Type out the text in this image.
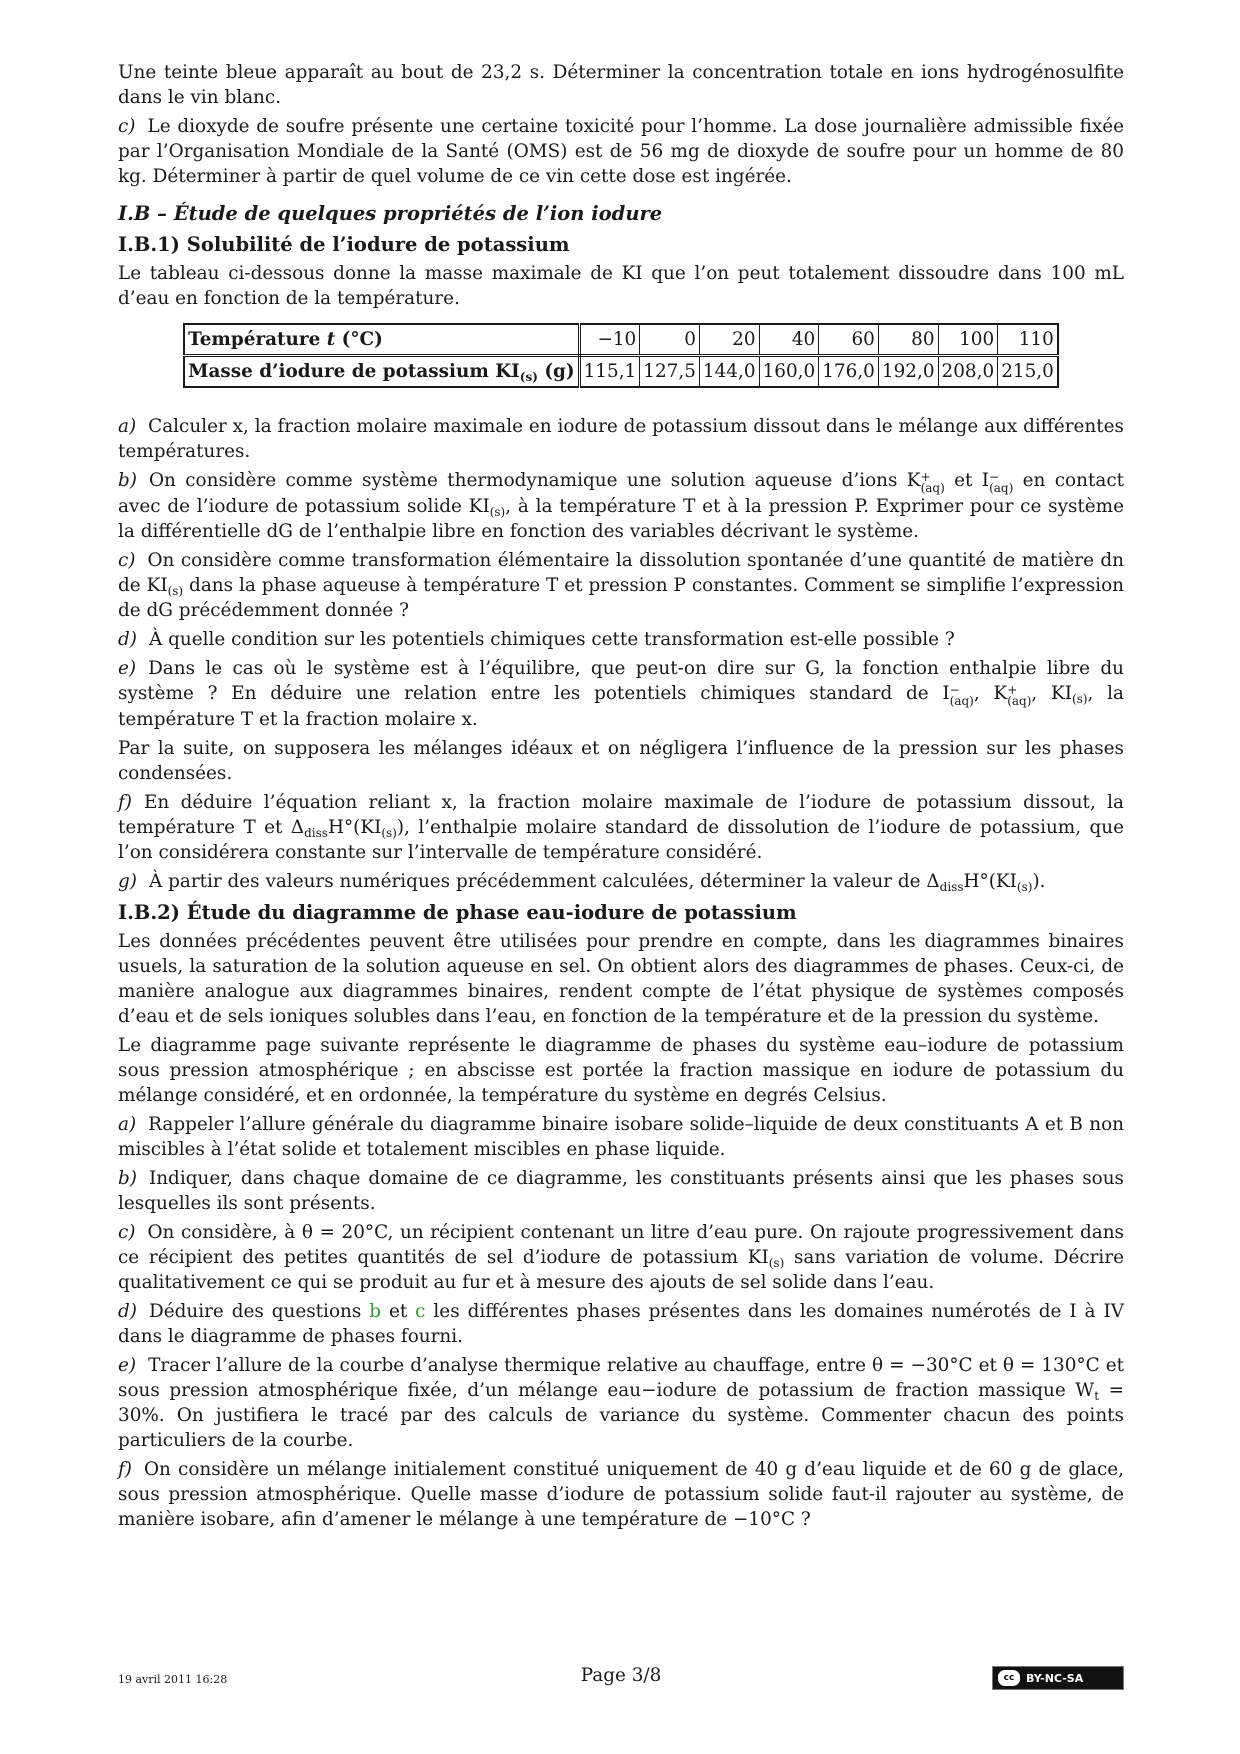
Une teinte bleue apparaît au bout de 23,2 s. Déterminer la concentration totale en ions hydrogénosulfite dans le vin blanc.

c) Le dioxyde de soufre présente une certaine toxicité pour l’homme. La dose journalière admissible fixée par l’Organisation Mondiale de la Santé (OMS) est de 56 mg de dioxyde de soufre pour un homme de 80 kg. Déterminer à partir de quel volume de ce vin cette dose est ingérée.

I.B – Étude de quelques propriétés de l’ion iodure
I.B.1) Solubilité de l’iodure de potassium

Le tableau ci-dessous donne la masse maximale de KI que l’on peut totalement dissoudre dans 100 mL d’eau en fonction de la température.

Température t (°C)	−10	0	20	40	60	80	100	110
Masse d’iodure de potassium $KI_{(s)}$ (g)	115,1	127,5	144,0	160,0	176,0	192,0	208,0	215,0

a) Calculer x, la fraction molaire maximale en iodure de potassium dissout dans le mélange aux différentes températures.

b) On considère comme système thermodynamique une solution aqueuse d’ions K +
(aq) et I −
(aq) en contact avec de l’iodure de potassium solide $KI_{(s)}$, à la température T et à la pression P. Exprimer pour ce système la différentielle dG de l’enthalpie libre en fonction des variables décrivant le système.

c) On considère comme transformation élémentaire la dissolution spontanée d’une quantité de matière dn de $KI_{(s)}$ dans la phase aqueuse à température T et pression P constantes. Comment se simplifie l’expression de dG précédemment donnée ?

d) À quelle condition sur les potentiels chimiques cette transformation est-elle possible ?

e) Dans le cas où le système est à l’équilibre, que peut-on dire sur G, la fonction enthalpie libre du système ? En déduire une relation entre les potentiels chimiques standard de I −
(aq) , K +
(aq) , $KI_{(s)}$, la température T et la fraction molaire x.

Par la suite, on supposera les mélanges idéaux et on négligera l’influence de la pression sur les phases condensées.

f) En déduire l’équation reliant x, la fraction molaire maximale de l’iodure de potassium dissout, la température T et $\Delta_{diss}H^\circ(KI_{(s)})$, l’enthalpie molaire standard de dissolution de l’iodure de potassium, que l’on considérera constante sur l’intervalle de température considéré.

g) À partir des valeurs numériques précédemment calculées, déterminer la valeur de $\Delta_{diss}H^\circ(KI_{(s)})$.

I.B.2) Étude du diagramme de phase eau-iodure de potassium

Les données précédentes peuvent être utilisées pour prendre en compte, dans les diagrammes binaires usuels, la saturation de la solution aqueuse en sel. On obtient alors des diagrammes de phases. Ceux-ci, de manière analogue aux diagrammes binaires, rendent compte de l’état physique de systèmes composés d’eau et de sels ioniques solubles dans l’eau, en fonction de la température et de la pression du système.

Le diagramme page suivante représente le diagramme de phases du système eau–iodure de potassium sous pression atmosphérique ; en abscisse est portée la fraction massique en iodure de potassium du mélange considéré, et en ordonnée, la température du système en degrés Celsius.

a) Rappeler l’allure générale du diagramme binaire isobare solide–liquide de deux constituants A et B non miscibles à l’état solide et totalement miscibles en phase liquide.

b) Indiquer, dans chaque domaine de ce diagramme, les constituants présents ainsi que les phases sous lesquelles ils sont présents.

c) On considère, à θ = 20°C, un récipient contenant un litre d’eau pure. On rajoute progressivement dans ce récipient des petites quantités de sel d’iodure de potassium $KI_{(s)}$ sans variation de volume. Décrire qualitativement ce qui se produit au fur et à mesure des ajouts de sel solide dans l’eau.

d) Déduire des questions b et c les différentes phases présentes dans les domaines numérotés de I à IV dans le diagramme de phases fourni.

e) Tracer l’allure de la courbe d’analyse thermique relative au chauffage, entre θ = −30°C et θ = 130°C et sous pression atmosphérique fixée, d’un mélange eau−iodure de potassium de fraction massique $W_t = 30\%$. On justifiera le tracé par des calculs de variance du système. Commenter chacun des points particuliers de la courbe.

f) On considère un mélange initialement constitué uniquement de 40 g d’eau liquide et de 60 g de glace, sous pression atmosphérique. Quelle masse d’iodure de potassium solide faut-il rajouter au système, de manière isobare, afin d’amener le mélange à une température de −10°C ?

19 avril 2011 16:28	Page 3/8	cc	BY-NC-SA
